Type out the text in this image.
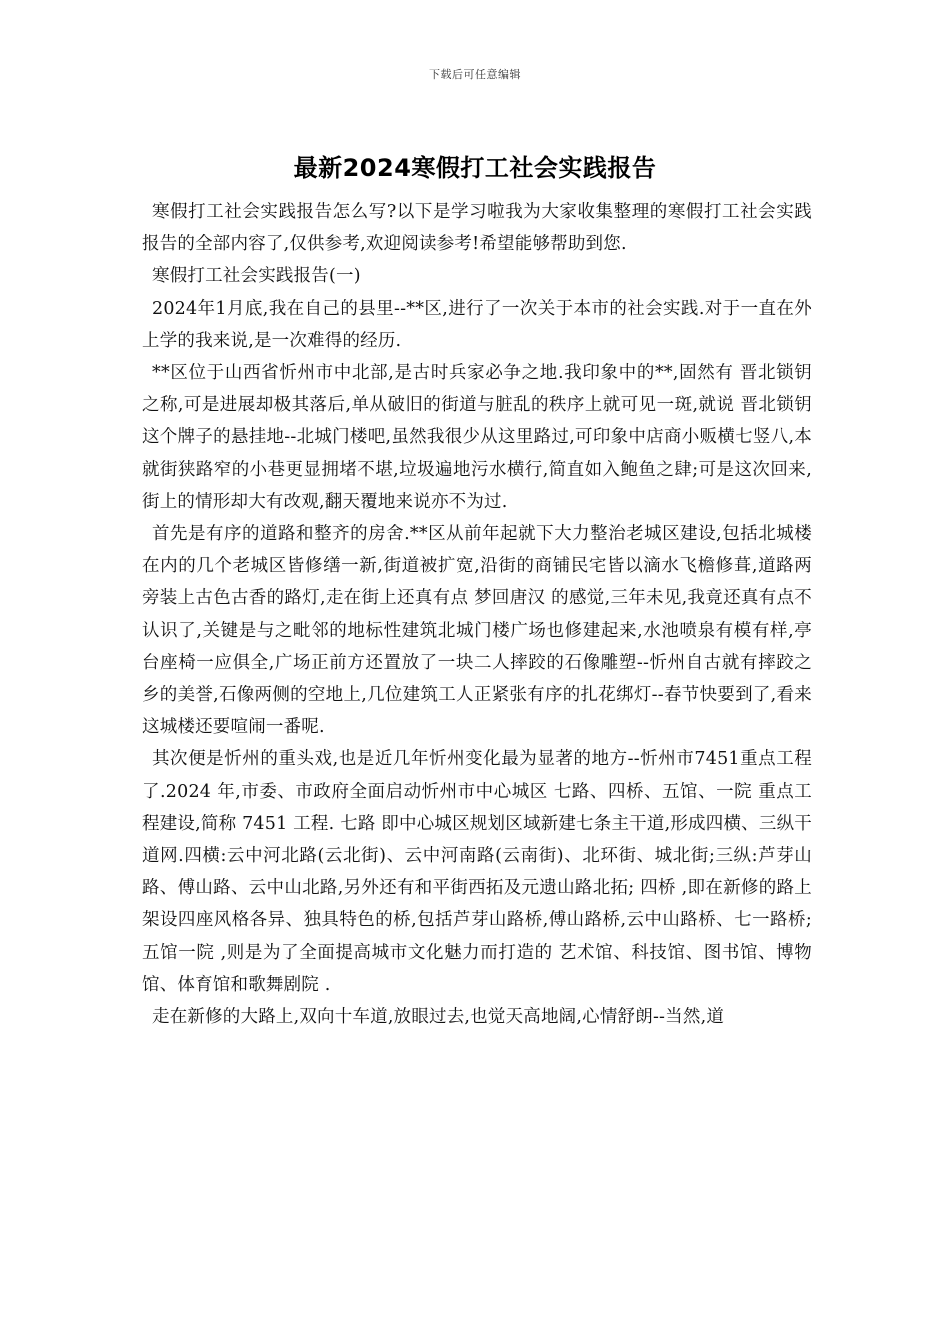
下载后可任意编辑
最新2024寒假打工社会实践报告

寒假打工社会实践报告怎么写?以下是学习啦我为大家收集整理的寒假打工社会实践报告的全部内容了,仅供参考,欢迎阅读参考!希望能够帮助到您.

寒假打工社会实践报告(一)

2024年1月底,我在自己的县里--**区,进行了一次关于本市的社会实践.对于一直在外上学的我来说,是一次难得的经历.

**区位于山西省忻州市中北部,是古时兵家必争之地.我印象中的**,固然有 晋北锁钥 之称,可是进展却极其落后,单从破旧的街道与脏乱的秩序上就可见一斑,就说 晋北锁钥 这个牌子的悬挂地--北城门楼吧,虽然我很少从这里路过,可印象中店商小贩横七竖八,本就街狭路窄的小巷更显拥堵不堪,垃圾遍地污水横行,简直如入鲍鱼之肆;可是这次回来,街上的情形却大有改观,翻天覆地来说亦不为过.

首先是有序的道路和整齐的房舍.**区从前年起就下大力整治老城区建设,包括北城楼在内的几个老城区皆修缮一新,街道被扩宽,沿街的商铺民宅皆以滴水飞檐修葺,道路两旁装上古色古香的路灯,走在街上还真有点 梦回唐汉 的感觉,三年未见,我竟还真有点不认识了,关键是与之毗邻的地标性建筑北城门楼广场也修建起来,水池喷泉有模有样,亭台座椅一应俱全,广场正前方还置放了一块二人摔跤的石像雕塑--忻州自古就有摔跤之乡的美誉,石像两侧的空地上,几位建筑工人正紧张有序的扎花绑灯--春节快要到了,看来这城楼还要喧闹一番呢.

其次便是忻州的重头戏,也是近几年忻州变化最为显著的地方--忻州市7451重点工程了.2024 年,市委、市政府全面启动忻州市中心城区 七路、四桥、五馆、一院 重点工程建设,简称 7451 工程. 七路 即中心城区规划区域新建七条主干道,形成四横、三纵干道网.四横:云中河北路(云北街)、云中河南路(云南街)、北环街、城北街;三纵:芦芽山路、傅山路、云中山北路,另外还有和平街西拓及元遗山路北拓; 四桥 ,即在新修的路上架设四座风格各异、独具特色的桥,包括芦芽山路桥,傅山路桥,云中山路桥、七一路桥; 五馆一院 ,则是为了全面提高城市文化魅力而打造的 艺术馆、科技馆、图书馆、博物馆、体育馆和歌舞剧院 .

走在新修的大路上,双向十车道,放眼过去,也觉天高地阔,心情舒朗--当然,道
